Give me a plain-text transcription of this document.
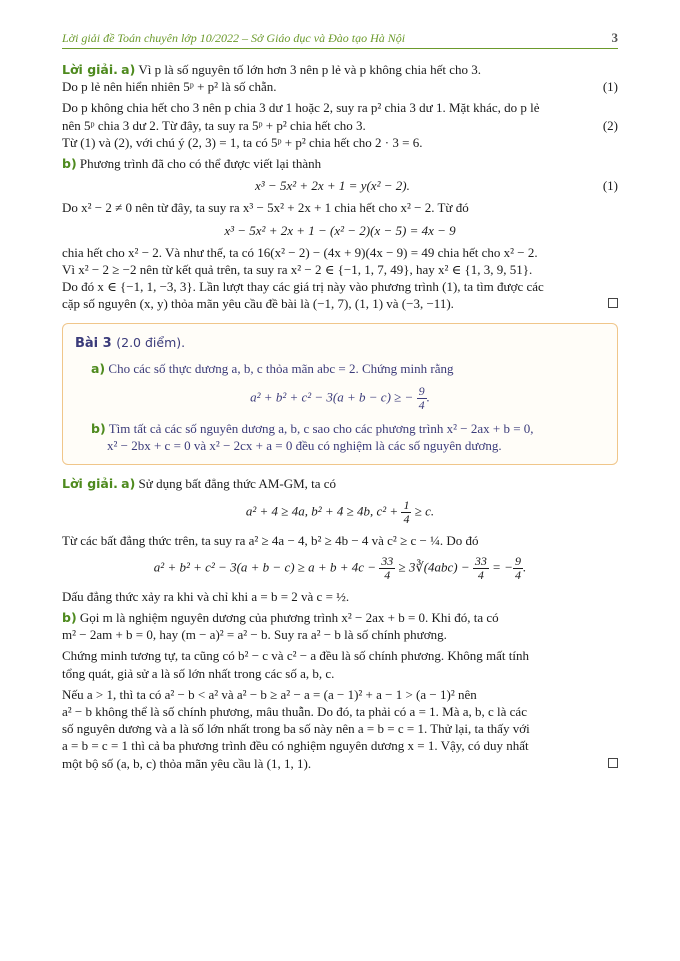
Lời giải đề Toán chuyên lớp 10/2022 – Sở Giáo dục và Đào tạo Hà Nội	3

Lời giải. a) Vì p là số nguyên tố lớn hơn 3 nên p lẻ và p không chia hết cho 3.

Do p lẻ nên hiển nhiên 5ᵖ + p² là số chẵn.	(1)

Do p không chia hết cho 3 nên p chia 3 dư 1 hoặc 2, suy ra p² chia 3 dư 1. Mặt khác, do p lẻ

nên 5ᵖ chia 3 dư 2. Từ đây, ta suy ra 5ᵖ + p² chia hết cho 3.	(2)

Từ (1) và (2), với chú ý (2, 3) = 1, ta có 5ᵖ + p² chia hết cho 2 · 3 = 6.

b) Phương trình đã cho có thể được viết lại thành

x³ − 5x² + 2x + 1 = y(x² − 2).	(1)

Do x² − 2 ≠ 0 nên từ đây, ta suy ra x³ − 5x² + 2x + 1 chia hết cho x² − 2. Từ đó

x³ − 5x² + 2x + 1 − (x² − 2)(x − 5) = 4x − 9

chia hết cho x² − 2. Và như thế, ta có 16(x² − 2) − (4x + 9)(4x − 9) = 49 chia hết cho x² − 2.

Vì x² − 2 ≥ −2 nên từ kết quả trên, ta suy ra x² − 2 ∈ {−1, 1, 7, 49}, hay x² ∈ {1, 3, 9, 51}.

Do đó x ∈ {−1, 1, −3, 3}. Lần lượt thay các giá trị này vào phương trình (1), ta tìm được các

cặp số nguyên (x, y) thỏa mãn yêu cầu đề bài là (−1, 7), (1, 1) và (−3, −11).

Bài 3 (2.0 điểm).

a) Cho các số thực dương a, b, c thỏa mãn abc = 2. Chứng minh rằng

a² + b² + c² − 3(a + b − c) ≥ − $\frac{9}{4}$ .

b) Tìm tất cả các số nguyên dương a, b, c sao cho các phương trình x² − 2ax + b = 0,

x² − 2bx + c = 0 và x² − 2cx + a = 0 đều có nghiệm là các số nguyên dương.

Lời giải. a) Sử dụng bất đẳng thức AM-GM, ta có

a² + 4 ≥ 4a, b² + 4 ≥ 4b, $c^2 + \frac{1}{4} \ge c$.

Từ các bất đẳng thức trên, ta suy ra a² ≥ 4a − 4, b² ≥ 4b − 4 và c² ≥ c − ¼. Do đó

$a^2 + b^2 + c^2 - 3(a + b - c) \ge a + b + 4c - \frac{33}{4}$ ≥ 3∛(4abc) − $\frac{33}{4}$ = − $\frac{9}{4}$ .

Dấu đẳng thức xảy ra khi và chỉ khi a = b = 2 và c = ½.

b) Gọi m là nghiệm nguyên dương của phương trình x² − 2ax + b = 0. Khi đó, ta có

m² − 2am + b = 0, hay (m − a)² = a² − b. Suy ra a² − b là số chính phương.

Chứng minh tương tự, ta cũng có b² − c và c² − a đều là số chính phương. Không mất tính

tổng quát, giả sử a là số lớn nhất trong các số a, b, c.

Nếu a > 1, thì ta có a² − b < a² và a² − b ≥ a² − a = (a − 1)² + a − 1 > (a − 1)² nên

a² − b không thể là số chính phương, mâu thuẫn. Do đó, ta phải có a = 1. Mà a, b, c là các

số nguyên dương và a là số lớn nhất trong ba số này nên a = b = c = 1. Thử lại, ta thấy với

a = b = c = 1 thì cả ba phương trình đều có nghiệm nguyên dương x = 1. Vậy, có duy nhất

một bộ số (a, b, c) thỏa mãn yêu cầu là (1, 1, 1).
